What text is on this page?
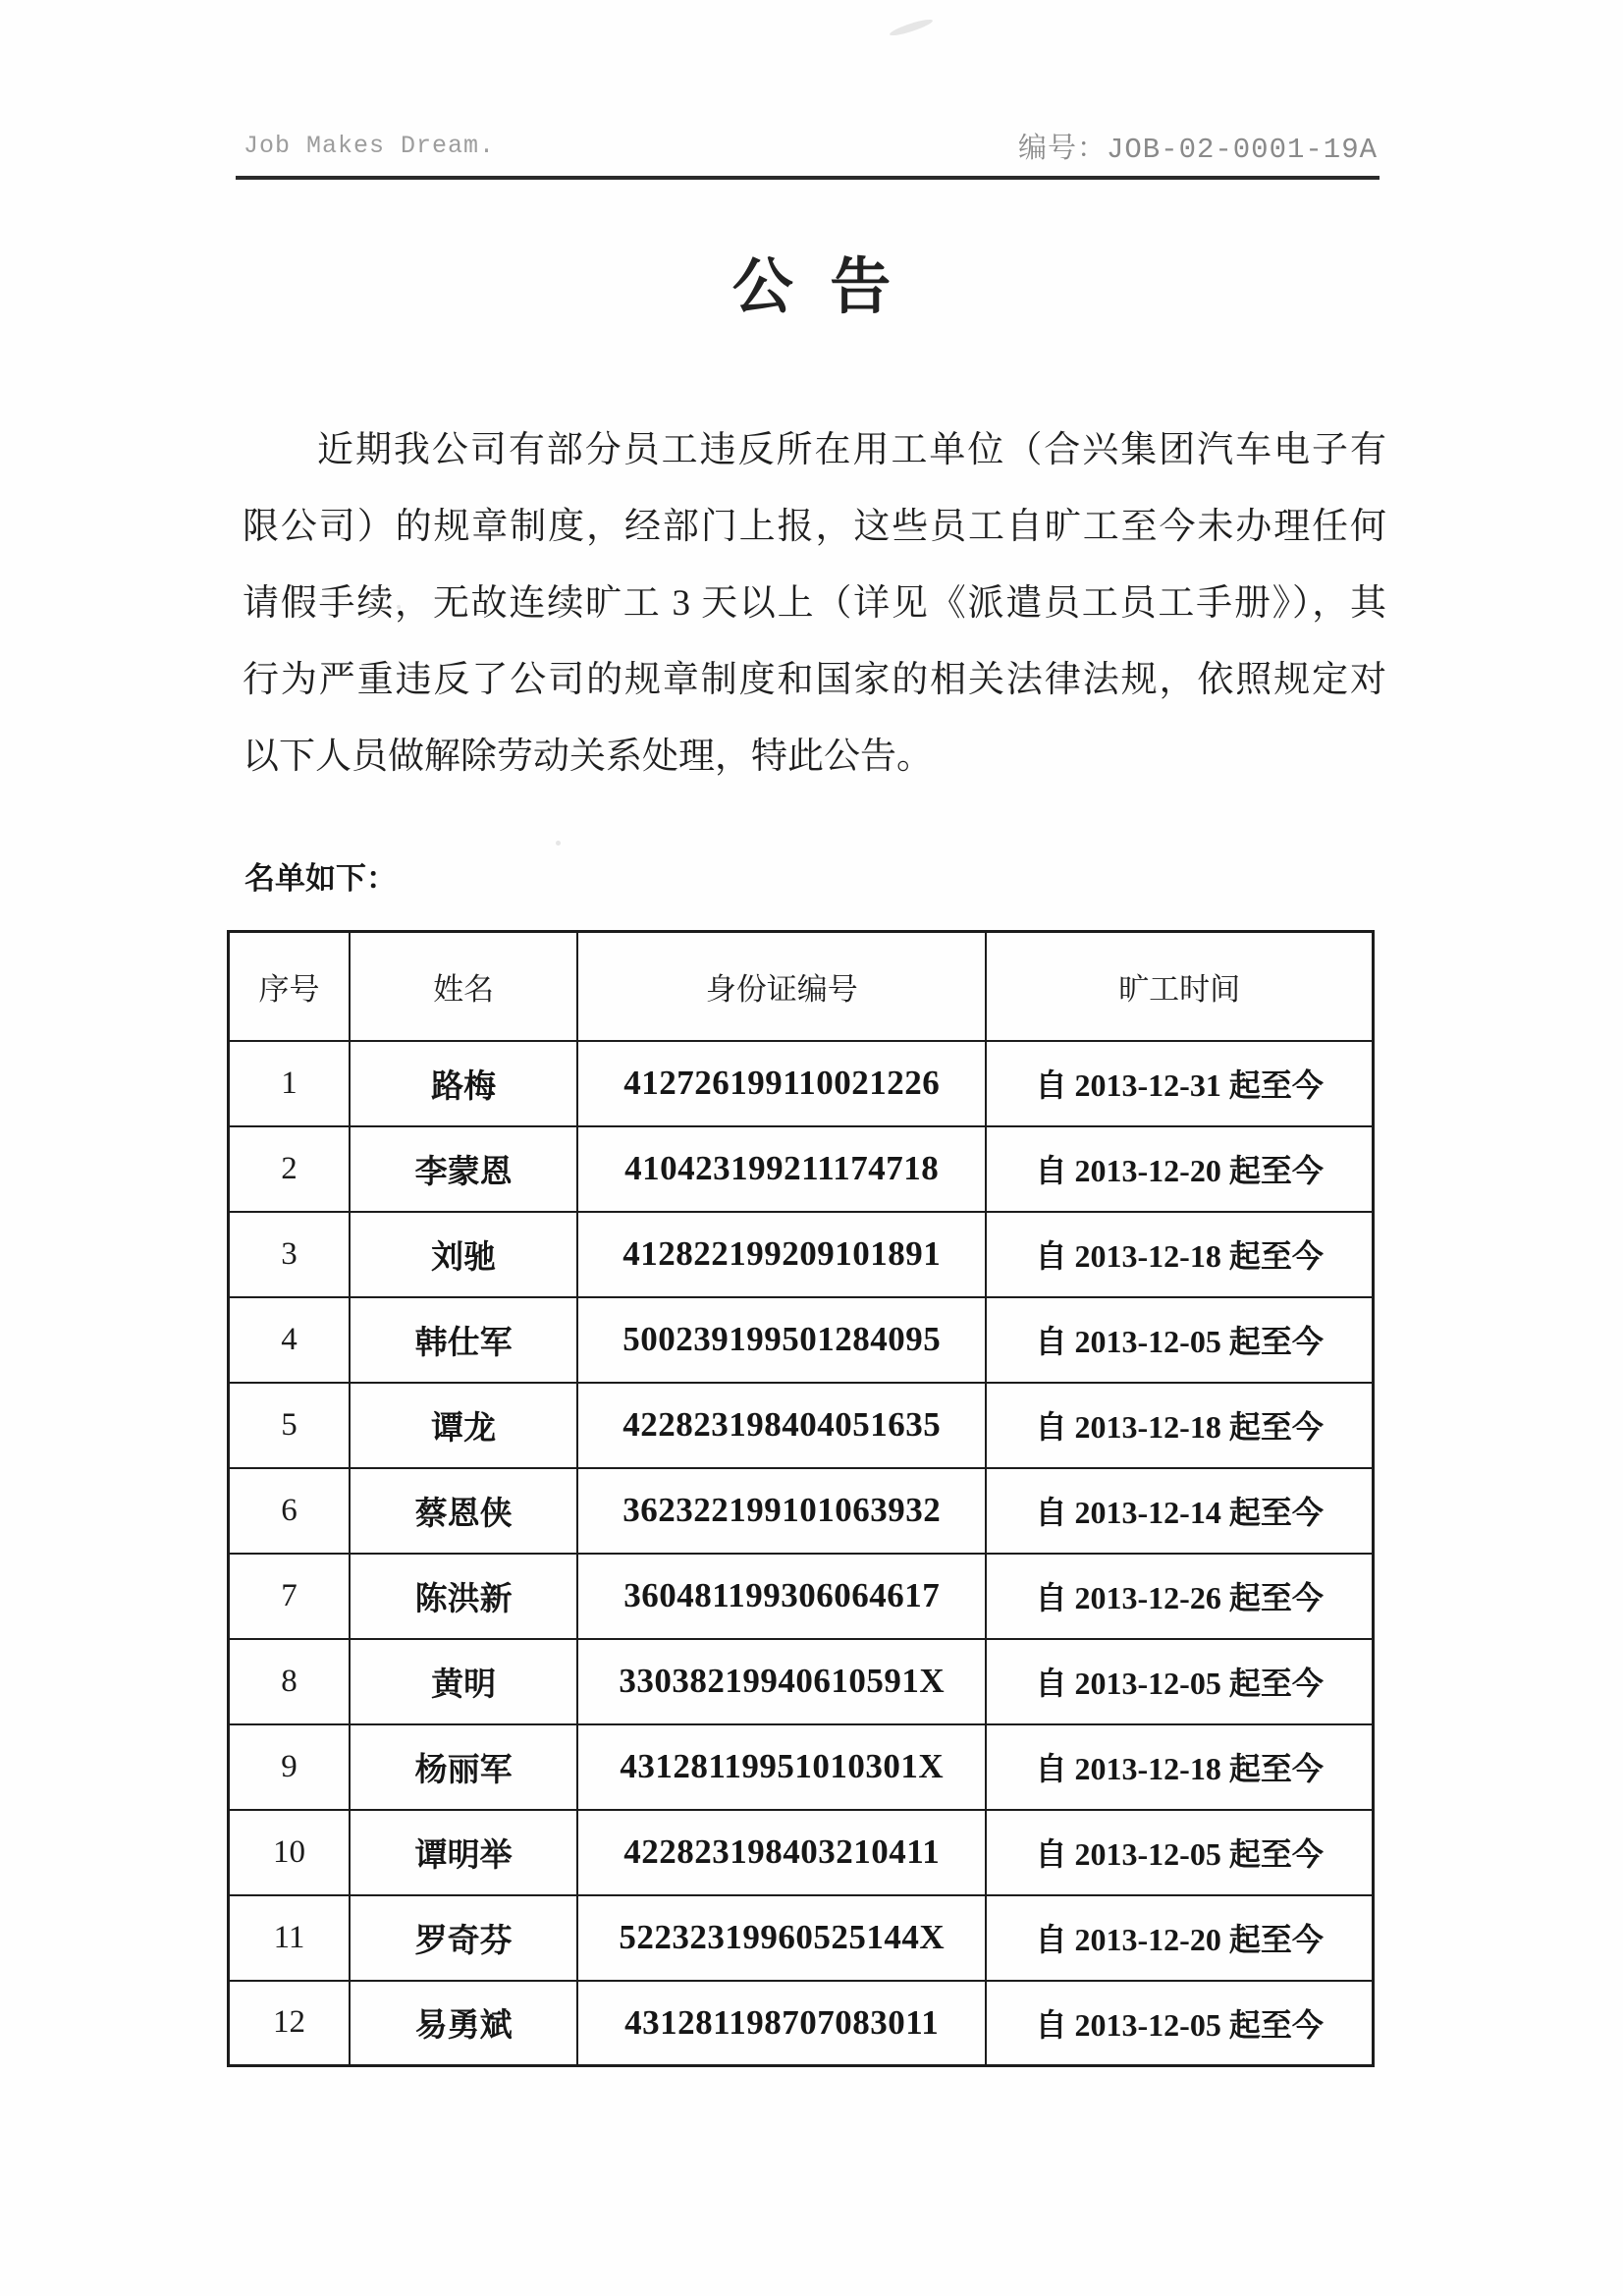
Job Makes Dream.	编号：JOB-02-0001-19A
公 告
近期我公司有部分员工违反所在用工单位（合兴集团汽车电子有
限公司）的规章制度，经部门上报，这些员工自旷工至今未办理任何
请假手续，无故连续旷工 3 天以上（详见《派遣员工员工手册》），其
行为严重违反了公司的规章制度和国家的相关法律法规，依照规定对
以下人员做解除劳动关系处理，特此公告。
名单如下：
序号	姓名	身份证编号	旷工时间
1	路梅	412726199110021226	自 2013-12-31 起至今
2	李蒙恩	410423199211174718	自 2013-12-20 起至今
3	刘驰	412822199209101891	自 2013-12-18 起至今
4	韩仕军	500239199501284095	自 2013-12-05 起至今
5	谭龙	422823198404051635	自 2013-12-18 起至今
6	蔡恩侠	362322199101063932	自 2013-12-14 起至今
7	陈洪新	360481199306064617	自 2013-12-26 起至今
8	黄明	33038219940610591X	自 2013-12-05 起至今
9	杨丽军	43128119951010301X	自 2013-12-18 起至今
10	谭明举	422823198403210411	自 2013-12-05 起至今
11	罗奇芬	52232319960525144X	自 2013-12-20 起至今
12	易勇斌	431281198707083011	自 2013-12-05 起至今
